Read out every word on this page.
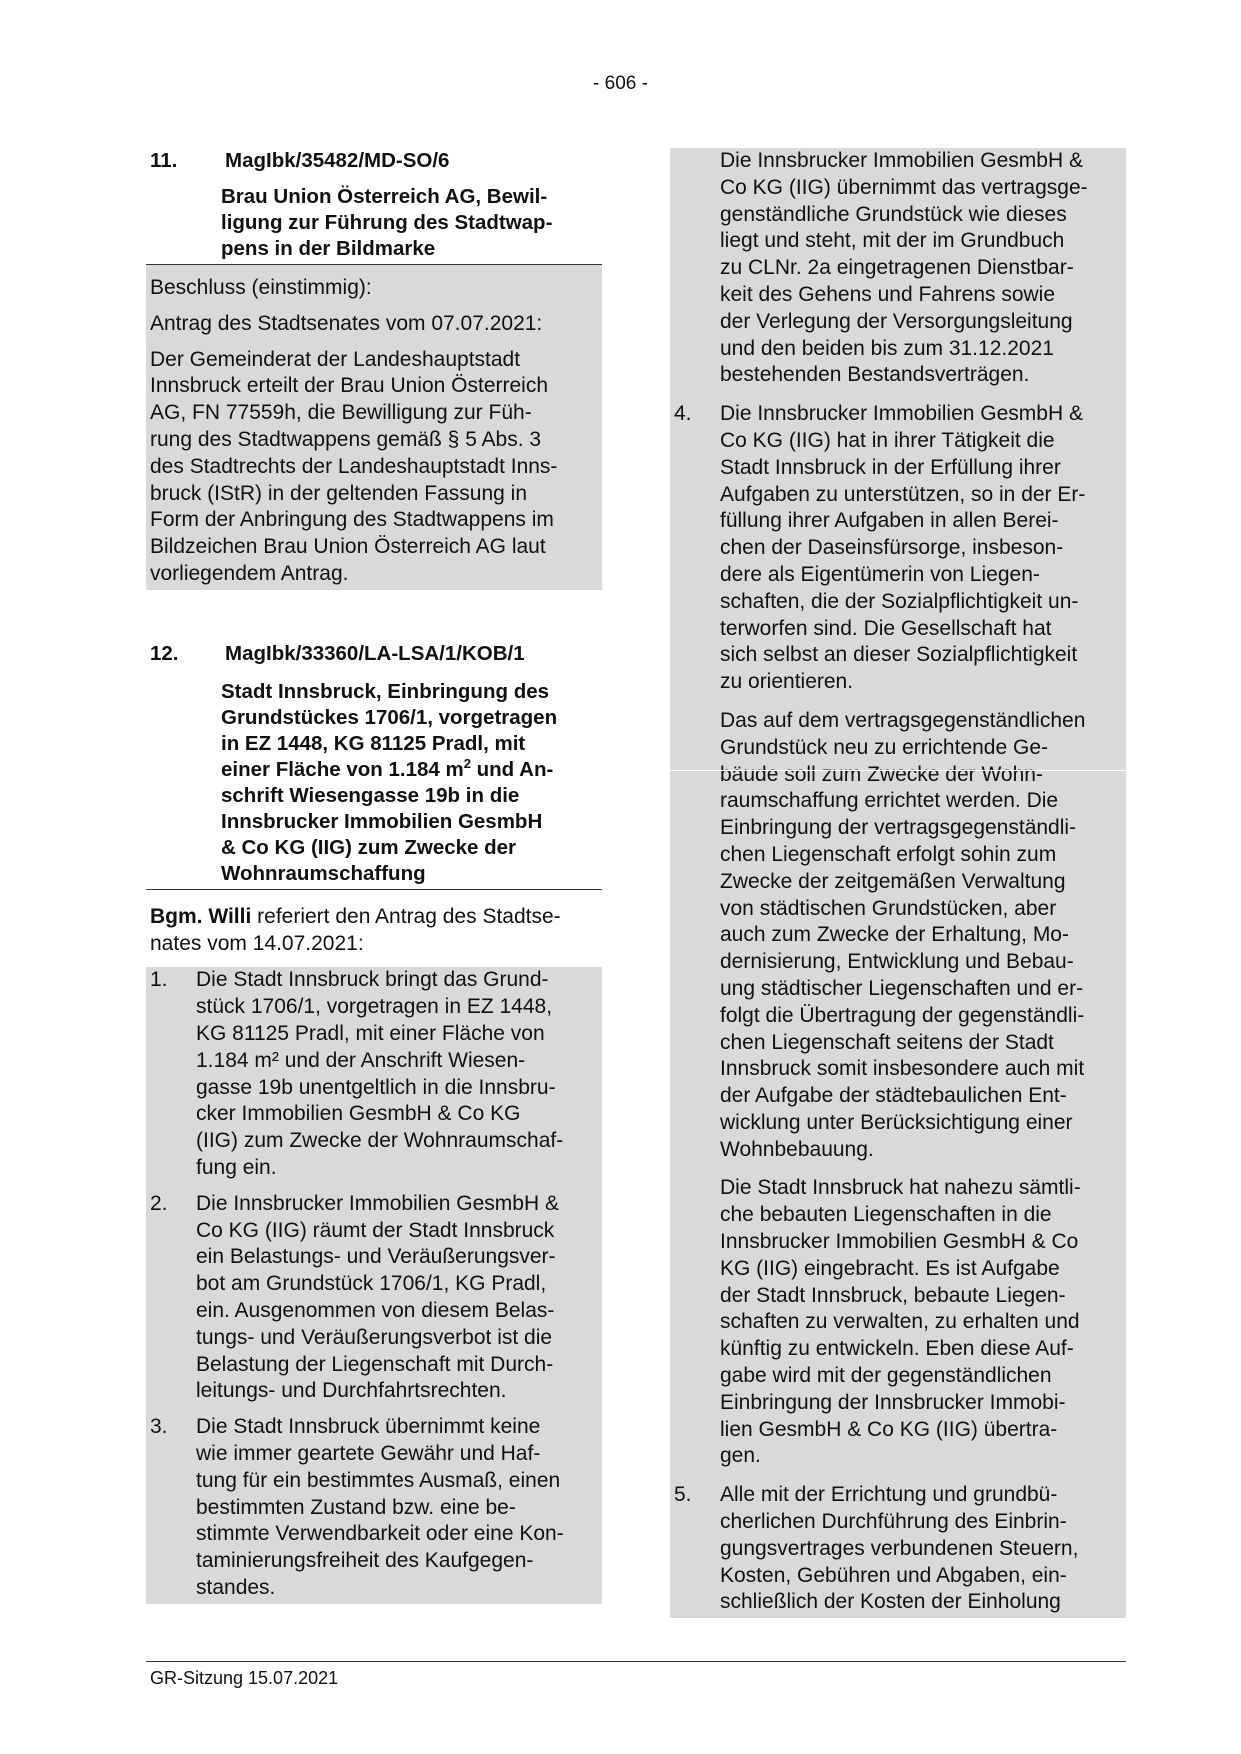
- 606 -
11.	MagIbk/35482/MD-SO/6
Brau Union Österreich AG, Bewil-
ligung zur Führung des Stadtwap-
pens in der Bildmarke
Beschluss (einstimmig):
Antrag des Stadtsenates vom 07.07.2021:
Der Gemeinderat der Landeshauptstadt
Innsbruck erteilt der Brau Union Österreich
AG, FN 77559h, die Bewilligung zur Füh-
rung des Stadtwappens gemäß § 5 Abs. 3
des Stadtrechts der Landeshauptstadt Inns-
bruck (IStR) in der geltenden Fassung in
Form der Anbringung des Stadtwappens im
Bildzeichen Brau Union Österreich AG laut
vorliegendem Antrag.
12.	MagIbk/33360/LA-LSA/1/KOB/1
Stadt Innsbruck, Einbringung des
Grundstückes 1706/1, vorgetragen
in EZ 1448, KG 81125 Pradl, mit
einer Fläche von 1.184 $m^2$ und An-
schrift Wiesengasse 19b in die
Innsbrucker Immobilien GesmbH
& Co KG (IIG) zum Zwecke der
Wohnraumschaffung
Bgm. Willi referiert den Antrag des Stadtse-
nates vom 14.07.2021:
1.	Die Stadt Innsbruck bringt das Grund-
stück 1706/1, vorgetragen in EZ 1448,
KG 81125 Pradl, mit einer Fläche von
1.184 m² und der Anschrift Wiesen-
gasse 19b unentgeltlich in die Innsbru-
cker Immobilien GesmbH & Co KG
(IIG) zum Zwecke der Wohnraumschaf-
fung ein.
2.	Die Innsbrucker Immobilien GesmbH &
Co KG (IIG) räumt der Stadt Innsbruck
ein Belastungs- und Veräußerungsver-
bot am Grundstück 1706/1, KG Pradl,
ein. Ausgenommen von diesem Belas-
tungs- und Veräußerungsverbot ist die
Belastung der Liegenschaft mit Durch-
leitungs- und Durchfahrtsrechten.
3.	Die Stadt Innsbruck übernimmt keine
wie immer geartete Gewähr und Haf-
tung für ein bestimmtes Ausmaß, einen
bestimmten Zustand bzw. eine be-
stimmte Verwendbarkeit oder eine Kon-
taminierungsfreiheit des Kaufgegen-
standes.
Die Innsbrucker Immobilien GesmbH &
Co KG (IIG) übernimmt das vertragsge-
genständliche Grundstück wie dieses
liegt und steht, mit der im Grundbuch
zu CLNr. 2a eingetragenen Dienstbar-
keit des Gehens und Fahrens sowie
der Verlegung der Versorgungsleitung
und den beiden bis zum 31.12.2021
bestehenden Bestandsverträgen.
4.	Die Innsbrucker Immobilien GesmbH &
Co KG (IIG) hat in ihrer Tätigkeit die
Stadt Innsbruck in der Erfüllung ihrer
Aufgaben zu unterstützen, so in der Er-
füllung ihrer Aufgaben in allen Berei-
chen der Daseinsfürsorge, insbeson-
dere als Eigentümerin von Liegen-
schaften, die der Sozialpflichtigkeit un-
terworfen sind. Die Gesellschaft hat
sich selbst an dieser Sozialpflichtigkeit
zu orientieren.
Das auf dem vertragsgegenständlichen
Grundstück neu zu errichtende Ge-
bäude soll zum Zwecke der Wohn-
raumschaffung errichtet werden. Die
Einbringung der vertragsgegenständli-
chen Liegenschaft erfolgt sohin zum
Zwecke der zeitgemäßen Verwaltung
von städtischen Grundstücken, aber
auch zum Zwecke der Erhaltung, Mo-
dernisierung, Entwicklung und Bebau-
ung städtischer Liegenschaften und er-
folgt die Übertragung der gegenständli-
chen Liegenschaft seitens der Stadt
Innsbruck somit insbesondere auch mit
der Aufgabe der städtebaulichen Ent-
wicklung unter Berücksichtigung einer
Wohnbebauung.
Die Stadt Innsbruck hat nahezu sämtli-
che bebauten Liegenschaften in die
Innsbrucker Immobilien GesmbH & Co
KG (IIG) eingebracht. Es ist Aufgabe
der Stadt Innsbruck, bebaute Liegen-
schaften zu verwalten, zu erhalten und
künftig zu entwickeln. Eben diese Auf-
gabe wird mit der gegenständlichen
Einbringung der Innsbrucker Immobi-
lien GesmbH & Co KG (IIG) übertra-
gen.
5.	Alle mit der Errichtung und grundbü-
cherlichen Durchführung des Einbrin-
gungsvertrages verbundenen Steuern,
Kosten, Gebühren und Abgaben, ein-
schließlich der Kosten der Einholung
GR-Sitzung 15.07.2021
